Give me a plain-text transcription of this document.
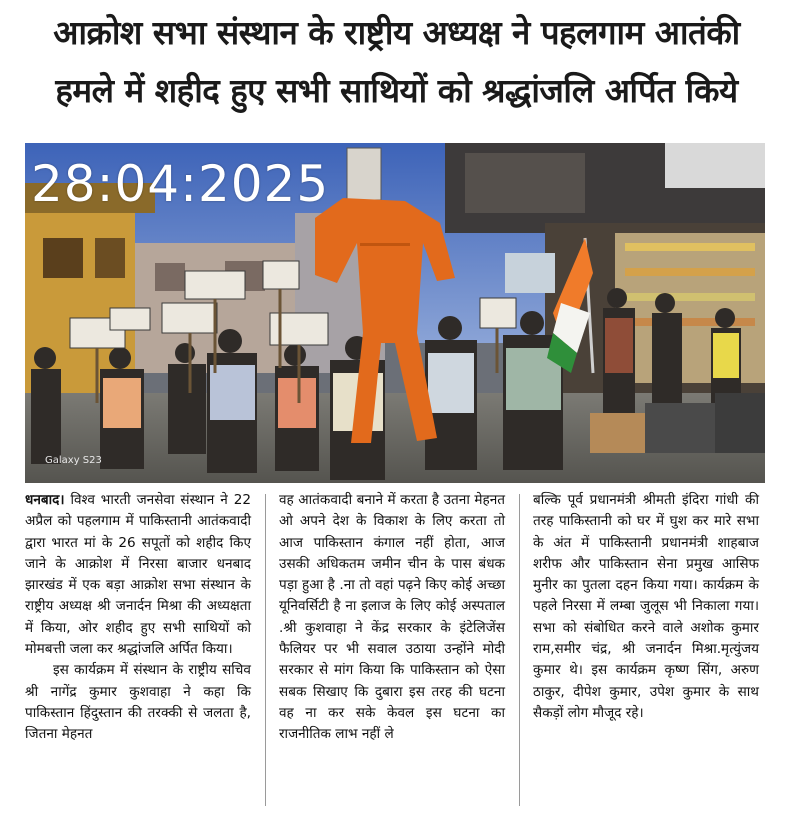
आक्रोश सभा संस्थान के राष्ट्रीय अध्यक्ष ने पहलगाम आतंकी
हमले में शहीद हुए सभी साथियों को श्रद्धांजलि अर्पित किये
28:04:2025
Galaxy S23

धनबाद। विश्व भारती जनसेवा संस्थान ने 22 अप्रैल को पहलगाम में पाकिस्तानी आतंकवादी द्वारा भारत मां के 26 सपूतों को शहीद किए जाने के आक्रोश में निरसा बाजार धनबाद झारखंड में एक बड़ा आक्रोश सभा संस्थान के राष्ट्रीय अध्यक्ष श्री जनार्दन मिश्रा की अध्यक्षता में किया, ओर शहीद हुए सभी साथियों को मोमबत्ती जला कर श्रद्धांजलि अर्पित किया।

इस कार्यक्रम में संस्थान के राष्ट्रीय सचिव श्री नागेंद्र कुमार कुशवाहा ने कहा कि पाकिस्तान हिंदुस्तान की तरक्की से जलता है, जितना मेहनत

वह आतंकवादी बनाने में करता है उतना मेहनत ओ अपने देश के विकाश के लिए करता तो आज पाकिस्तान कंगाल नहीं होता, आज उसकी अधिकतम जमीन चीन के पास बंधक पड़ा हुआ है .ना तो वहां पढ़ने किए कोई अच्छा यूनिवर्सिटी है ना इलाज के लिए कोई अस्पताल .श्री कुशवाहा ने केंद्र सरकार के इंटेलिजेंस फैलियर पर भी सवाल उठाया उन्होंने मोदी सरकार से मांग किया कि पाकिस्तान को ऐसा सबक सिखाए कि दुबारा इस तरह की घटना वह ना कर सके केवल इस घटना का राजनीतिक लाभ नहीं ले

बल्कि पूर्व प्रधानमंत्री श्रीमती इंदिरा गांधी की तरह पाकिस्तानी को घर में घुश कर मारे सभा के अंत में पाकिस्तानी प्रधानमंत्री शाहबाज शरीफ और पाकिस्तान सेना प्रमुख आसिफ मुनीर का पुतला दहन किया गया। कार्यक्रम के पहले निरसा में लम्बा जुलूस भी निकाला गया। सभा को संबोधित करने वाले अशोक कुमार राम,समीर चंद्र, श्री जनार्दन मिश्रा.मृत्युंजय कुमार थे। इस कार्यक्रम कृष्ण सिंग, अरुण ठाकुर, दीपेश कुमार, उपेश कुमार के साथ सैकड़ों लोग मौजूद रहे।
